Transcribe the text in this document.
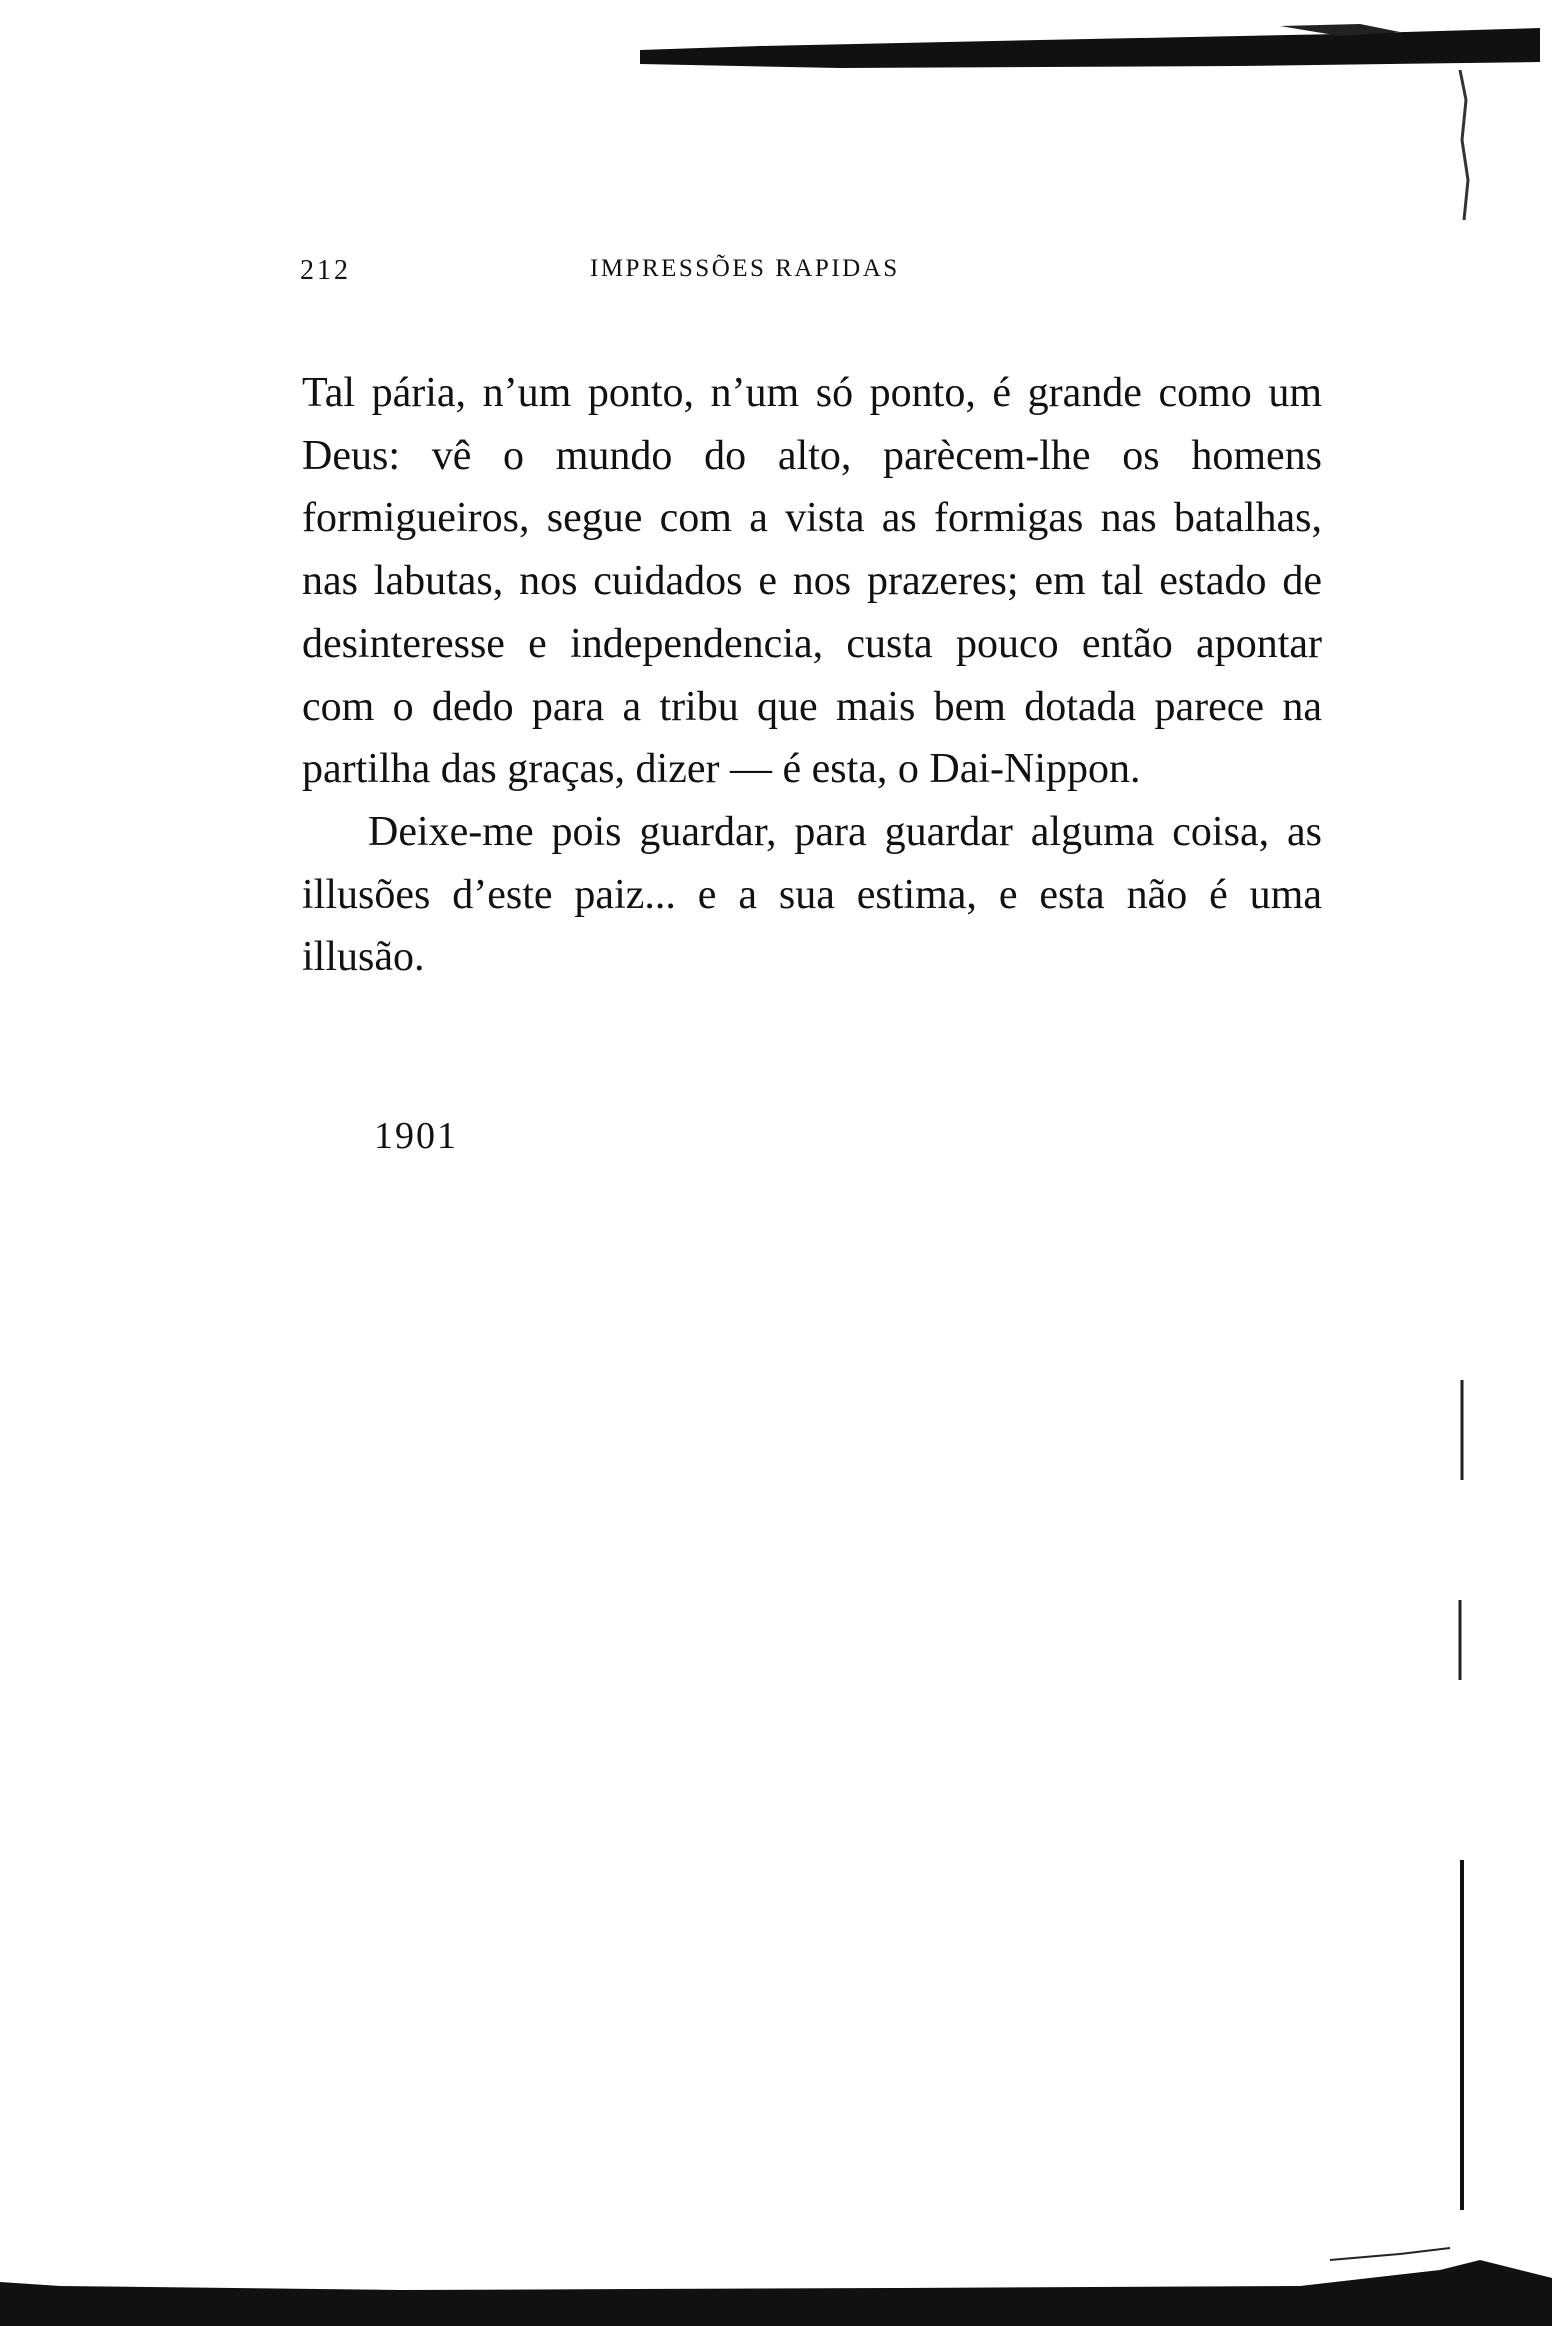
212	IMPRESSÕES RAPIDAS

Tal pária, n’um ponto, n’um só ponto, é grande como um Deus: vê o mundo do alto, parècem-lhe os homens formigueiros, segue com a vista as formigas nas batalhas, nas labutas, nos cuidados e nos prazeres; em tal estado de desinteresse e independencia, custa pouco então apontar com o dedo para a tribu que mais bem dotada parece na partilha das graças, dizer — é esta, o Dai-Nippon.

Deixe-me pois guardar, para guardar alguma coisa, as illusões d’este paiz... e a sua estima, e esta não é uma illusão.

1901
